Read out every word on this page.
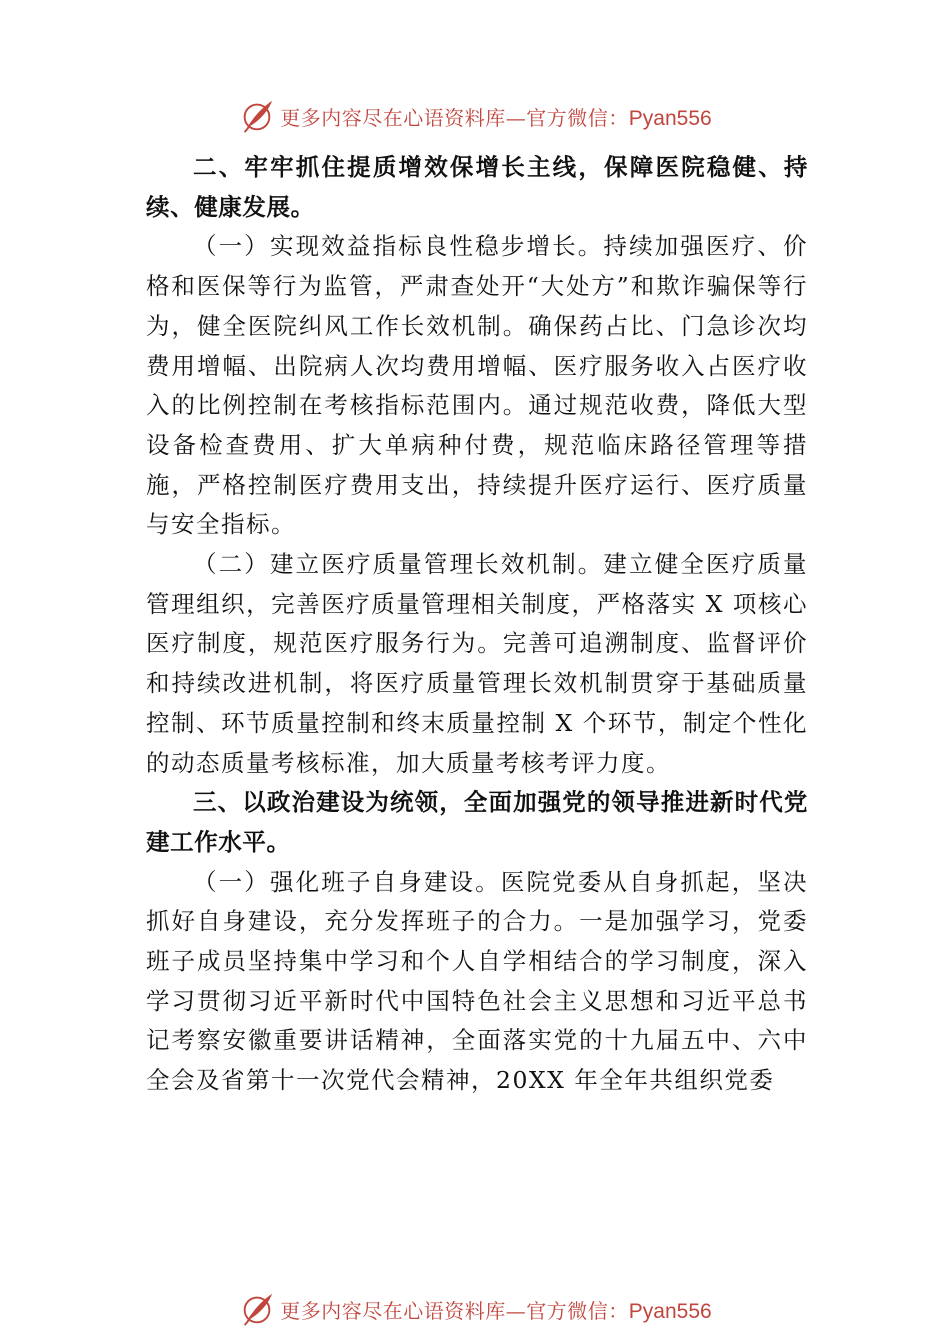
更多内容尽在心语资料库—官方微信：Pyan556

二、牢牢抓住提质增效保增长主线，保障医院稳健、持续、健康发展。

（一）实现效益指标良性稳步增长。持续加强医疗、价格和医保等行为监管，严肃查处开“大处方”和欺诈骗保等行为，健全医院纠风工作长效机制。确保药占比、门急诊次均费用增幅、出院病人次均费用增幅、医疗服务收入占医疗收入的比例控制在考核指标范围内。通过规范收费，降低大型设备检查费用、扩大单病种付费，规范临床路径管理等措施，严格控制医疗费用支出，持续提升医疗运行、医疗质量与安全指标。

（二）建立医疗质量管理长效机制。建立健全医疗质量管理组织，完善医疗质量管理相关制度，严格落实 X 项核心医疗制度，规范医疗服务行为。完善可追溯制度、监督评价和持续改进机制，将医疗质量管理长效机制贯穿于基础质量控制、环节质量控制和终末质量控制 X 个环节，制定个性化的动态质量考核标准，加大质量考核考评力度。

三、以政治建设为统领，全面加强党的领导推进新时代党建工作水平。

（一）强化班子自身建设。医院党委从自身抓起，坚决抓好自身建设，充分发挥班子的合力。一是加强学习，党委班子成员坚持集中学习和个人自学相结合的学习制度，深入学习贯彻习近平新时代中国特色社会主义思想和习近平总书记考察安徽重要讲话精神，全面落实党的十九届五中、六中全会及省第十一次党代会精神，20XX 年全年共组织党委

更多内容尽在心语资料库—官方微信：Pyan556
